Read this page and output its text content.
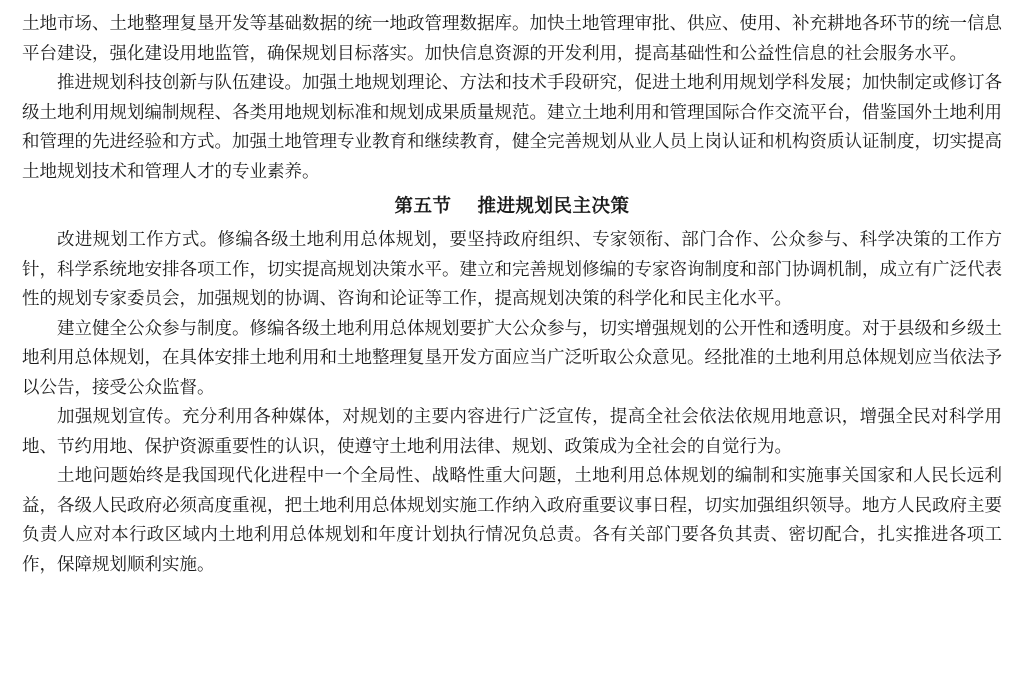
土地市场、土地整理复垦开发等基础数据的统一地政管理数据库。加快土地管理审批、供应、使用、补充耕地各环节的统一信息平台建设，强化建设用地监管，确保规划目标落实。加快信息资源的开发利用，提高基础性和公益性信息的社会服务水平。

推进规划科技创新与队伍建设。加强土地规划理论、方法和技术手段研究，促进土地利用规划学科发展；加快制定或修订各级土地利用规划编制规程、各类用地规划标准和规划成果质量规范。建立土地利用和管理国际合作交流平台，借鉴国外土地利用和管理的先进经验和方式。加强土地管理专业教育和继续教育，健全完善规划从业人员上岗认证和机构资质认证制度，切实提高土地规划技术和管理人才的专业素养。

第五节 推进规划民主决策

改进规划工作方式。修编各级土地利用总体规划，要坚持政府组织、专家领衔、部门合作、公众参与、科学决策的工作方针，科学系统地安排各项工作，切实提高规划决策水平。建立和完善规划修编的专家咨询制度和部门协调机制，成立有广泛代表性的规划专家委员会，加强规划的协调、咨询和论证等工作，提高规划决策的科学化和民主化水平。

建立健全公众参与制度。修编各级土地利用总体规划要扩大公众参与，切实增强规划的公开性和透明度。对于县级和乡级土地利用总体规划，在具体安排土地利用和土地整理复垦开发方面应当广泛听取公众意见。经批准的土地利用总体规划应当依法予以公告，接受公众监督。

加强规划宣传。充分利用各种媒体，对规划的主要内容进行广泛宣传，提高全社会依法依规用地意识，增强全民对科学用地、节约用地、保护资源重要性的认识，使遵守土地利用法律、规划、政策成为全社会的自觉行为。

土地问题始终是我国现代化进程中一个全局性、战略性重大问题，土地利用总体规划的编制和实施事关国家和人民长远利益，各级人民政府必须高度重视，把土地利用总体规划实施工作纳入政府重要议事日程，切实加强组织领导。地方人民政府主要负责人应对本行政区域内土地利用总体规划和年度计划执行情况负总责。各有关部门要各负其责、密切配合，扎实推进各项工作，保障规划顺利实施。
